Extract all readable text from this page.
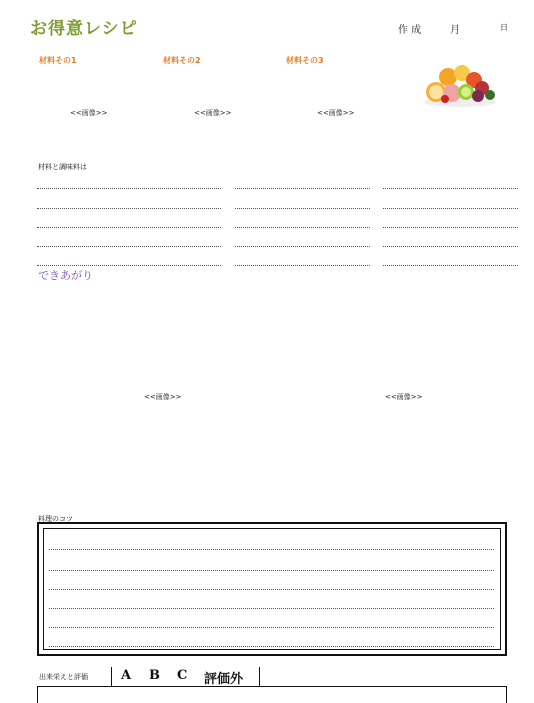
お得意レシピ	作 成	月	日
材料その1	材料その2	材料その3
<<画像>>	<<画像>>	<<画像>>
材料と調味料は
できあがり
<<画像>>	<<画像>>
料理のコツ
出来栄えと評価	A B C 評価外
